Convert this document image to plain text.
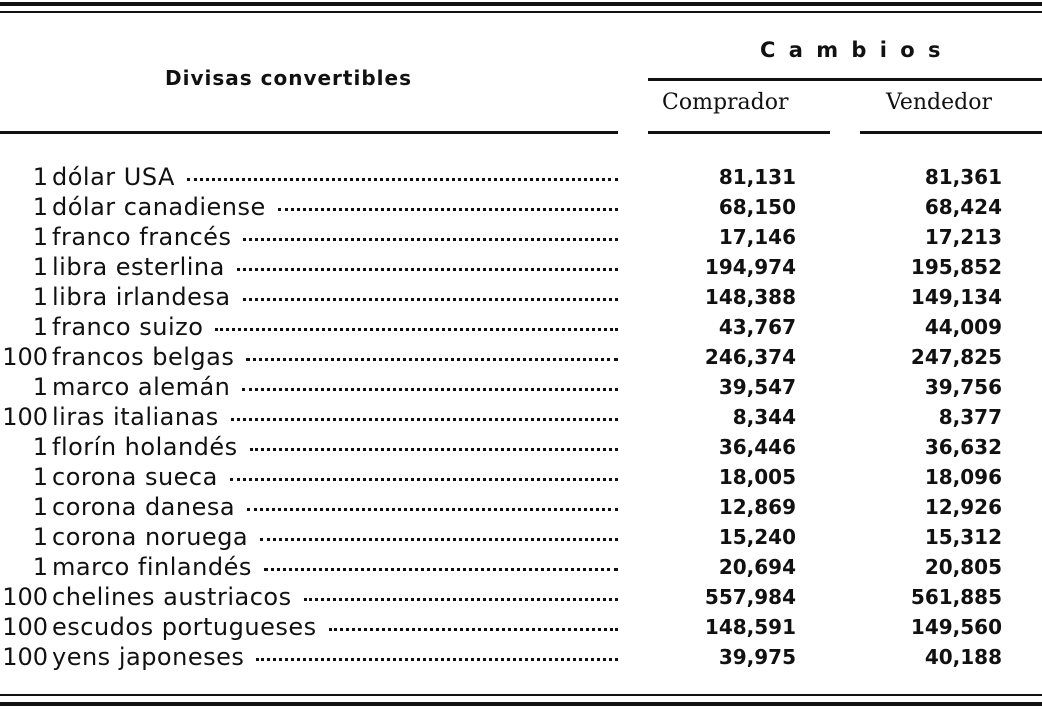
Divisas convertibles
C a m b i o s
Comprador	Vendedor
1 dólar USA	81,131	81,361
1 dólar canadiense	68,150	68,424
1 franco francés	17,146	17,213
1 libra esterlina	194,974	195,852
1 libra irlandesa	148,388	149,134
1 franco suizo	43,767	44,009
100 francos belgas	246,374	247,825
1 marco alemán	39,547	39,756
100 liras italianas	8,344	8,377
1 florín holandés	36,446	36,632
1 corona sueca	18,005	18,096
1 corona danesa	12,869	12,926
1 corona noruega	15,240	15,312
1 marco finlandés	20,694	20,805
100 chelines austriacos	557,984	561,885
100 escudos portugueses	148,591	149,560
100 yens japoneses	39,975	40,188
